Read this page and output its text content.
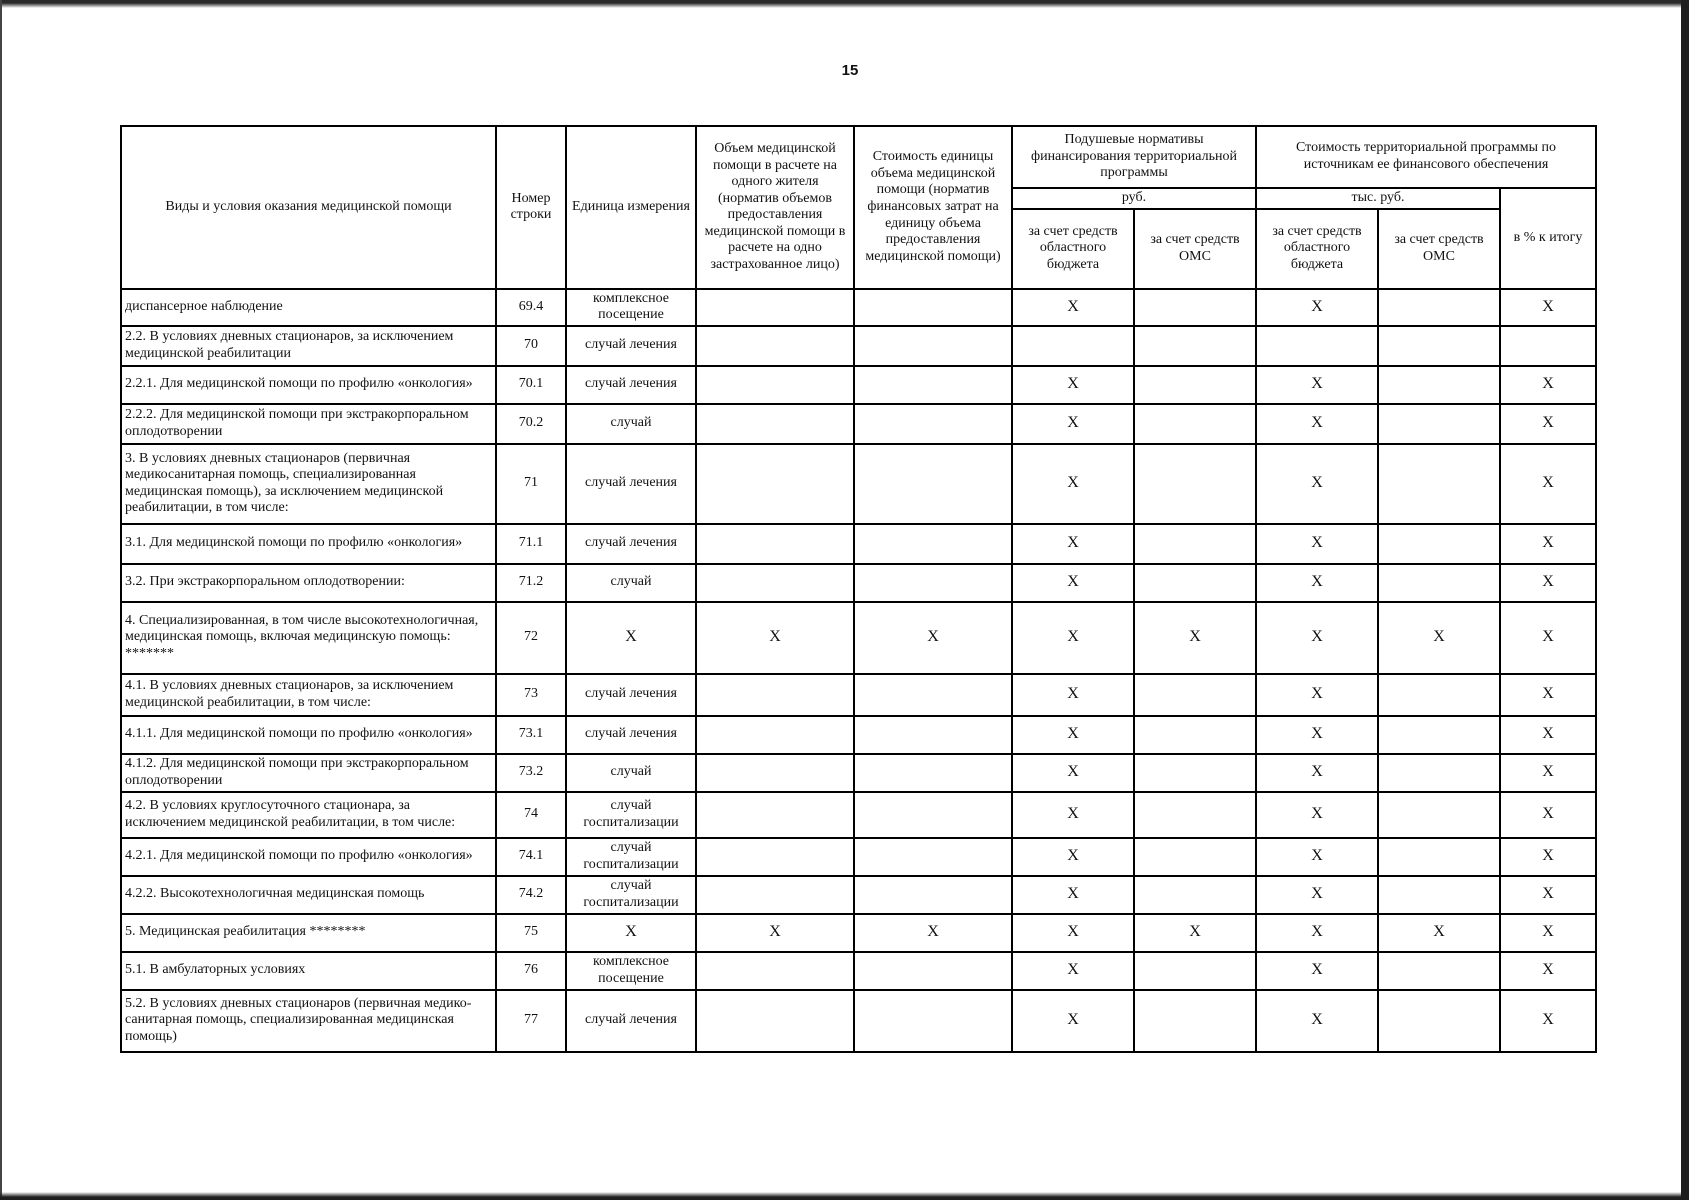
15
Виды и условия оказания медицинской помощи	Номер строки	Единица измерения	Объем медицинской помощи в расчете на одного жителя (норматив объемов предоставления медицинской помощи в расчете на одно застрахованное лицо)	Стоимость единицы объема медицинской помощи (норматив финансовых затрат на единицу объема предоставления медицинской помощи)	Подушевые нормативы финансирования территориальной программы		Стоимость территориальной программы по источникам ее финансового обеспечения		
					руб.		тыс. руб.		в % к итогу
					за счет средств областного бюджета	за счет средств ОМС	за счет средств областного бюджета	за счет средств ОМС	
диспансерное наблюдение	69.4	комплексное посещение			X		X		X
2.2. В условиях дневных стационаров, за исключением медицинской реабилитации	70	случай лечения							
2.2.1. Для медицинской помощи по профилю «онкология»	70.1	случай лечения			X		X		X
2.2.2. Для медицинской помощи при экстракорпоральном оплодотворении	70.2	случай			X		X		X
3. В условиях дневных стационаров (первичная медикосанитарная помощь, специализированная медицинская помощь), за исключением медицинской реабилитации, в том числе:	71	случай лечения			X		X		X
3.1. Для медицинской помощи по профилю «онкология»	71.1	случай лечения			X		X		X
3.2. При экстракорпоральном оплодотворении:	71.2	случай			X		X		X
4. Специализированная, в том числе высокотехнологичная, медицинская помощь, включая медицинскую помощь: *******	72	X	X	X	X	X	X	X	X
4.1. В условиях дневных стационаров, за исключением медицинской реабилитации, в том числе:	73	случай лечения			X		X		X
4.1.1. Для медицинской помощи по профилю «онкология»	73.1	случай лечения			X		X		X
4.1.2. Для медицинской помощи при экстракорпоральном оплодотворении	73.2	случай			X		X		X
4.2. В условиях круглосуточного стационара, за исключением медицинской реабилитации, в том числе:	74	случай госпитализации			X		X		X
4.2.1. Для медицинской помощи по профилю «онкология»	74.1	случай госпитализации			X		X		X
4.2.2. Высокотехнологичная медицинская помощь	74.2	случай госпитализации			X		X		X
5. Медицинская реабилитация ********	75	X	X	X	X	X	X	X	X
5.1. В амбулаторных условиях	76	комплексное посещение			X		X		X
5.2. В условиях дневных стационаров (первичная медико-санитарная помощь, специализированная медицинская помощь)	77	случай лечения			X		X		X
